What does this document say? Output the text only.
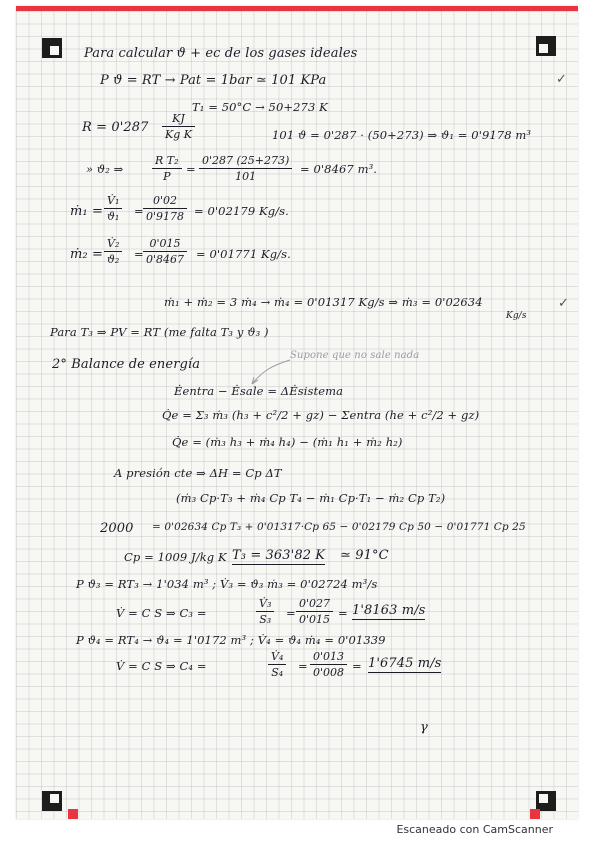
Para calcular ϑ + ec de los gases ideales
P ϑ = RT → Pat = 1bar ≃ 101 KPa	✓
T₁ = 50°C → 50+273 K
$R = 0'287 \frac{KJ}{\text{Kg K}}$	101 ϑ = 0'287 · (50+273) ⇒ ϑ₁ = 0'9178 m³
» ϑ₂ ⇒	$\frac{\text{R T₂}}{P} = \frac{0'287 (25+273)}{101} = 0'8467$ m³.
ṁ₁ = $\frac{\text{V̇₁}}{\text{ϑ₁}} = \frac{0'02}{0'9178} = 0'02179$ Kg/s.
ṁ₂ = $\frac{\text{V̇₂}}{\text{ϑ₂}} = \frac{0'015}{0'8467} = 0'01771$ Kg/s.
ṁ₁ + ṁ₂ = 3 ṁ₄ → ṁ₄ = 0'01317 Kg/s ⇒ ṁ₃ = 0'02634
Kg/s
✓
Para T₃ ⇒ PV = RT (me falta T₃ y ϑ₃ )
2° Balance de energía
Supone que no sale nada
Ėentra − Ėsale = ΔĖsistema
Q̇e = Σ₃ ṁ₃ (h₃ + c²/2 + gz) − Σentra (he + c²/2 + gz)
Q̇e = (ṁ₃ h₃ + ṁ₄ h₄) − (ṁ₁ h₁ + ṁ₂ h₂)
A presión cte ⇒ ΔH = Cp ΔT
(ṁ₃ Cp·T₃ + ṁ₄ Cp T₄ − ṁ₁ Cp·T₁ − ṁ₂ Cp T₂)
2000 = 0'02634 Cp T₃ + 0'01317·Cp 65 − 0'02179 Cp 50 − 0'01771 Cp 25
Cp = 1009 J/kg K T₃ = 363'82 K ≃ 91°C
P ϑ₃ = RT₃ → 1'034 m³ ; V̇₃ = ϑ₃ ṁ₃ = 0'02724 m³/s
V̇ = C S ⇒ C₃ =	$\frac{\text{V̇₃}}{\text{S₃}} = \frac{0'027}{0'015} = 1'8163$ m/s
P ϑ₄ = RT₄ → ϑ₄ = 1'0172 m³ ; V̇₄ = ϑ₄ ṁ₄ = 0'01339
V̇ = C S ⇒ C₄ =	$\frac{\text{V̇₄}}{\text{S₄}} = \frac{0'013}{0'008} = 1'6745$ m/s
γ
Escaneado con CamScanner
